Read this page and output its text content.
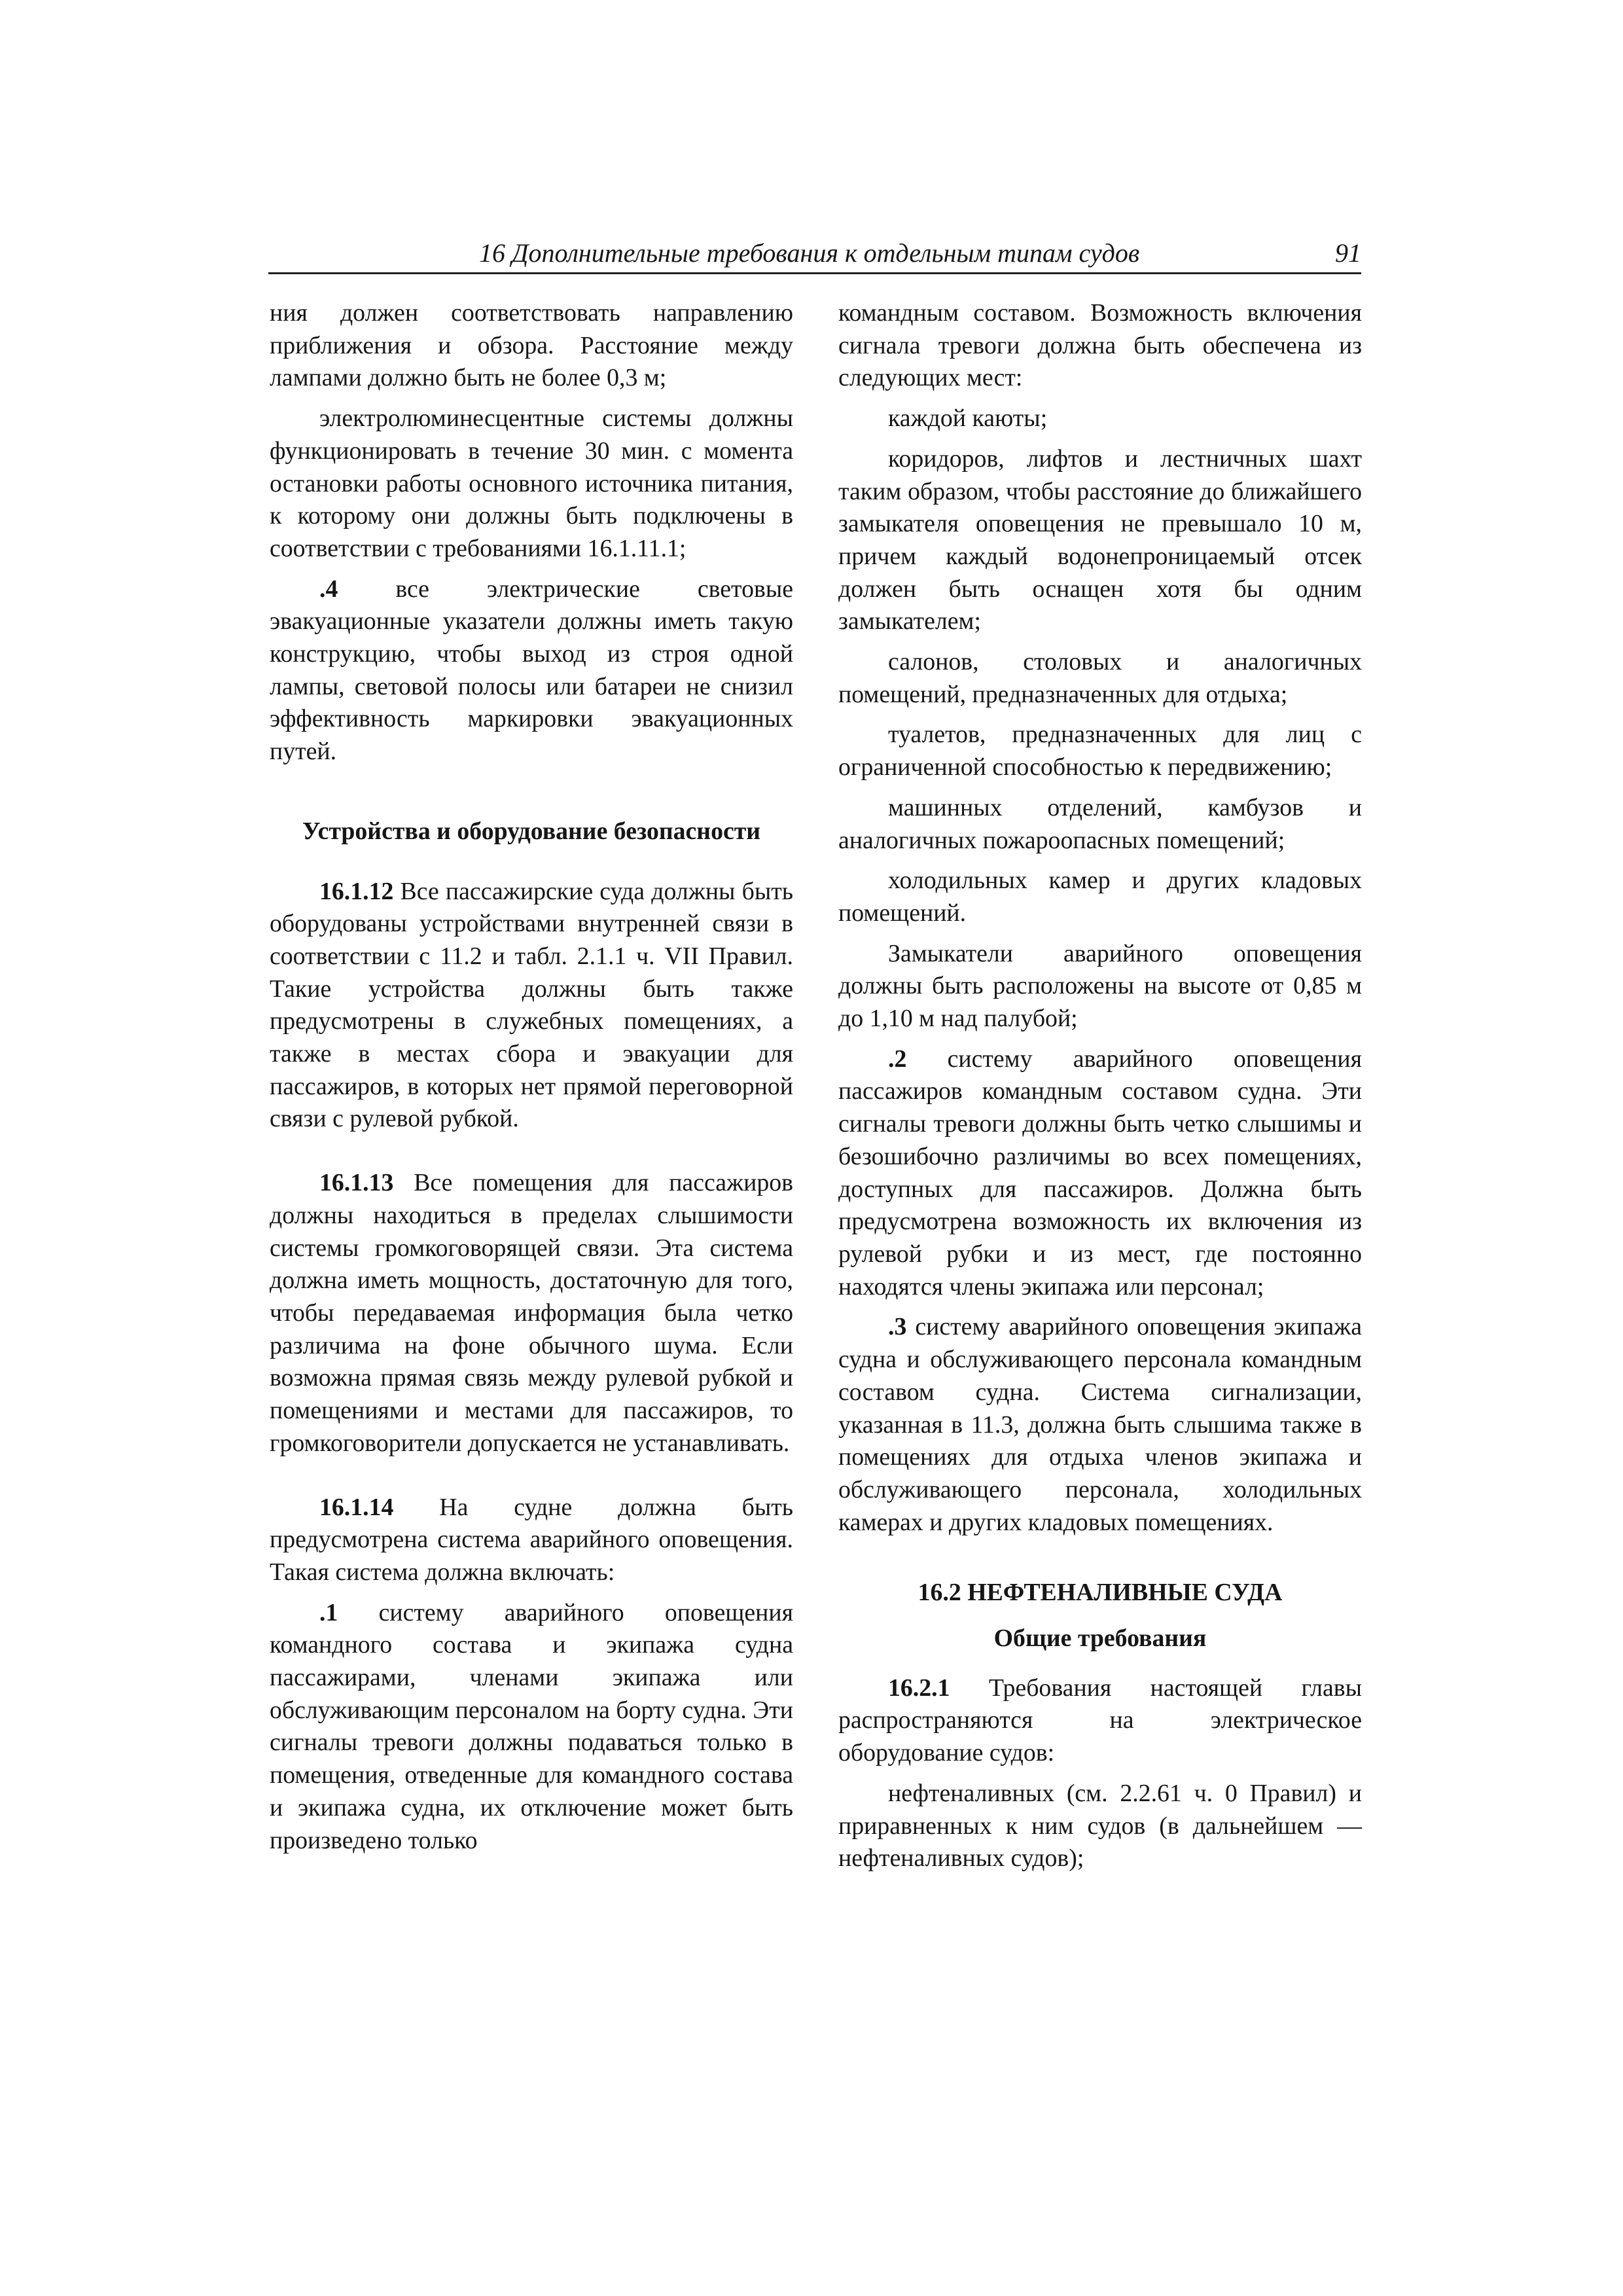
16 Дополнительные требования к отдельным типам судов	91

ния должен соответствовать направлению приближения и обзора. Расстояние между лампами должно быть не более 0,3 м;

электролюминесцентные системы должны функционировать в течение 30 мин. с момента остановки работы основного источника питания, к которому они должны быть подключены в соответствии с требованиями 16.1.11.1;

.4 все электрические световые эвакуационные указатели должны иметь такую конструкцию, чтобы выход из строя одной лампы, световой полосы или батареи не снизил эффективность маркировки эвакуационных путей.

Устройства и оборудование безопасности

16.1.12 Все пассажирские суда должны быть оборудованы устройствами внутренней связи в соответствии с 11.2 и табл. 2.1.1 ч. VII Правил. Такие устройства должны быть также предусмотрены в служебных помещениях, а также в местах сбора и эвакуации для пассажиров, в которых нет прямой переговорной связи с рулевой рубкой.

16.1.13 Все помещения для пассажиров должны находиться в пределах слышимости системы громкоговорящей связи. Эта система должна иметь мощность, достаточную для того, чтобы передаваемая информация была четко различима на фоне обычного шума. Если возможна прямая связь между рулевой рубкой и помещениями и местами для пассажиров, то громкоговорители допускается не устанавливать.

16.1.14 На судне должна быть предусмотрена система аварийного оповещения. Такая система должна включать:

.1 систему аварийного оповещения командного состава и экипажа судна пассажирами, членами экипажа или обслуживающим персоналом на борту судна. Эти сигналы тревоги должны подаваться только в помещения, отведенные для командного состава и экипажа судна, их отключение может быть произведено только

командным составом. Возможность включения сигнала тревоги должна быть обеспечена из следующих мест:

каждой каюты;

коридоров, лифтов и лестничных шахт таким образом, чтобы расстояние до ближайшего замыкателя оповещения не превышало 10 м, причем каждый водонепроницаемый отсек должен быть оснащен хотя бы одним замыкателем;

салонов, столовых и аналогичных помещений, предназначенных для отдыха;

туалетов, предназначенных для лиц с ограниченной способностью к передвижению;

машинных отделений, камбузов и аналогичных пожароопасных помещений;

холодильных камер и других кладовых помещений.

Замыкатели аварийного оповещения должны быть расположены на высоте от 0,85 м до 1,10 м над палубой;

.2 систему аварийного оповещения пассажиров командным составом судна. Эти сигналы тревоги должны быть четко слышимы и безошибочно различимы во всех помещениях, доступных для пассажиров. Должна быть предусмотрена возможность их включения из рулевой рубки и из мест, где постоянно находятся члены экипажа или персонал;

.3 систему аварийного оповещения экипажа судна и обслуживающего персонала командным составом судна. Система сигнализации, указанная в 11.3, должна быть слышима также в помещениях для отдыха членов экипажа и обслуживающего персонала, холодильных камерах и других кладовых помещениях.

16.2 НЕФТЕНАЛИВНЫЕ СУДА
Общие требования

16.2.1 Требования настоящей главы распространяются на электрическое оборудование судов:

нефтеналивных (см. 2.2.61 ч. 0 Правил) и приравненных к ним судов (в дальнейшем — нефтеналивных судов);
